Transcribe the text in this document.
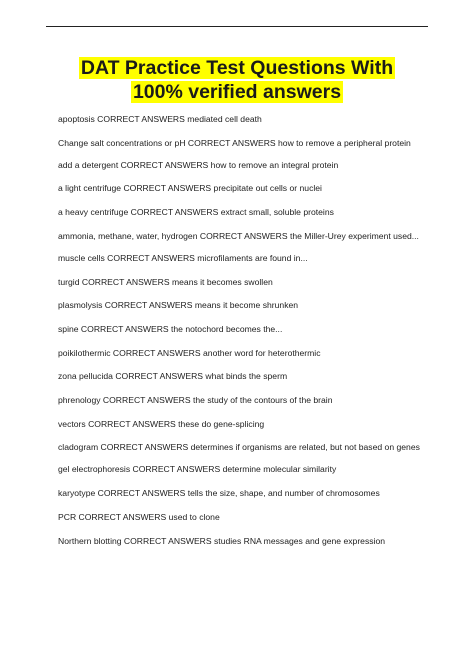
DAT Practice Test Questions With 100% verified answers
apoptosis CORRECT ANSWERS mediated cell death
Change salt concentrations or pH CORRECT ANSWERS how to remove a peripheral protein
add a detergent CORRECT ANSWERS how to remove an integral protein
a light centrifuge CORRECT ANSWERS precipitate out cells or nuclei
a heavy centrifuge CORRECT ANSWERS extract small, soluble proteins
ammonia, methane, water, hydrogen CORRECT ANSWERS the Miller-Urey experiment used...
muscle cells CORRECT ANSWERS microfilaments are found in...
turgid CORRECT ANSWERS means it becomes swollen
plasmolysis CORRECT ANSWERS means it become shrunken
spine CORRECT ANSWERS the notochord becomes the...
poikilothermic CORRECT ANSWERS another word for heterothermic
zona pellucida CORRECT ANSWERS what binds the sperm
phrenology CORRECT ANSWERS the study of the contours of the brain
vectors CORRECT ANSWERS these do gene-splicing
cladogram CORRECT ANSWERS determines if organisms are related, but not based on genes
gel electrophoresis CORRECT ANSWERS determine molecular similarity
karyotype CORRECT ANSWERS tells the size, shape, and number of chromosomes
PCR CORRECT ANSWERS used to clone
Northern blotting CORRECT ANSWERS studies RNA messages and gene expression
